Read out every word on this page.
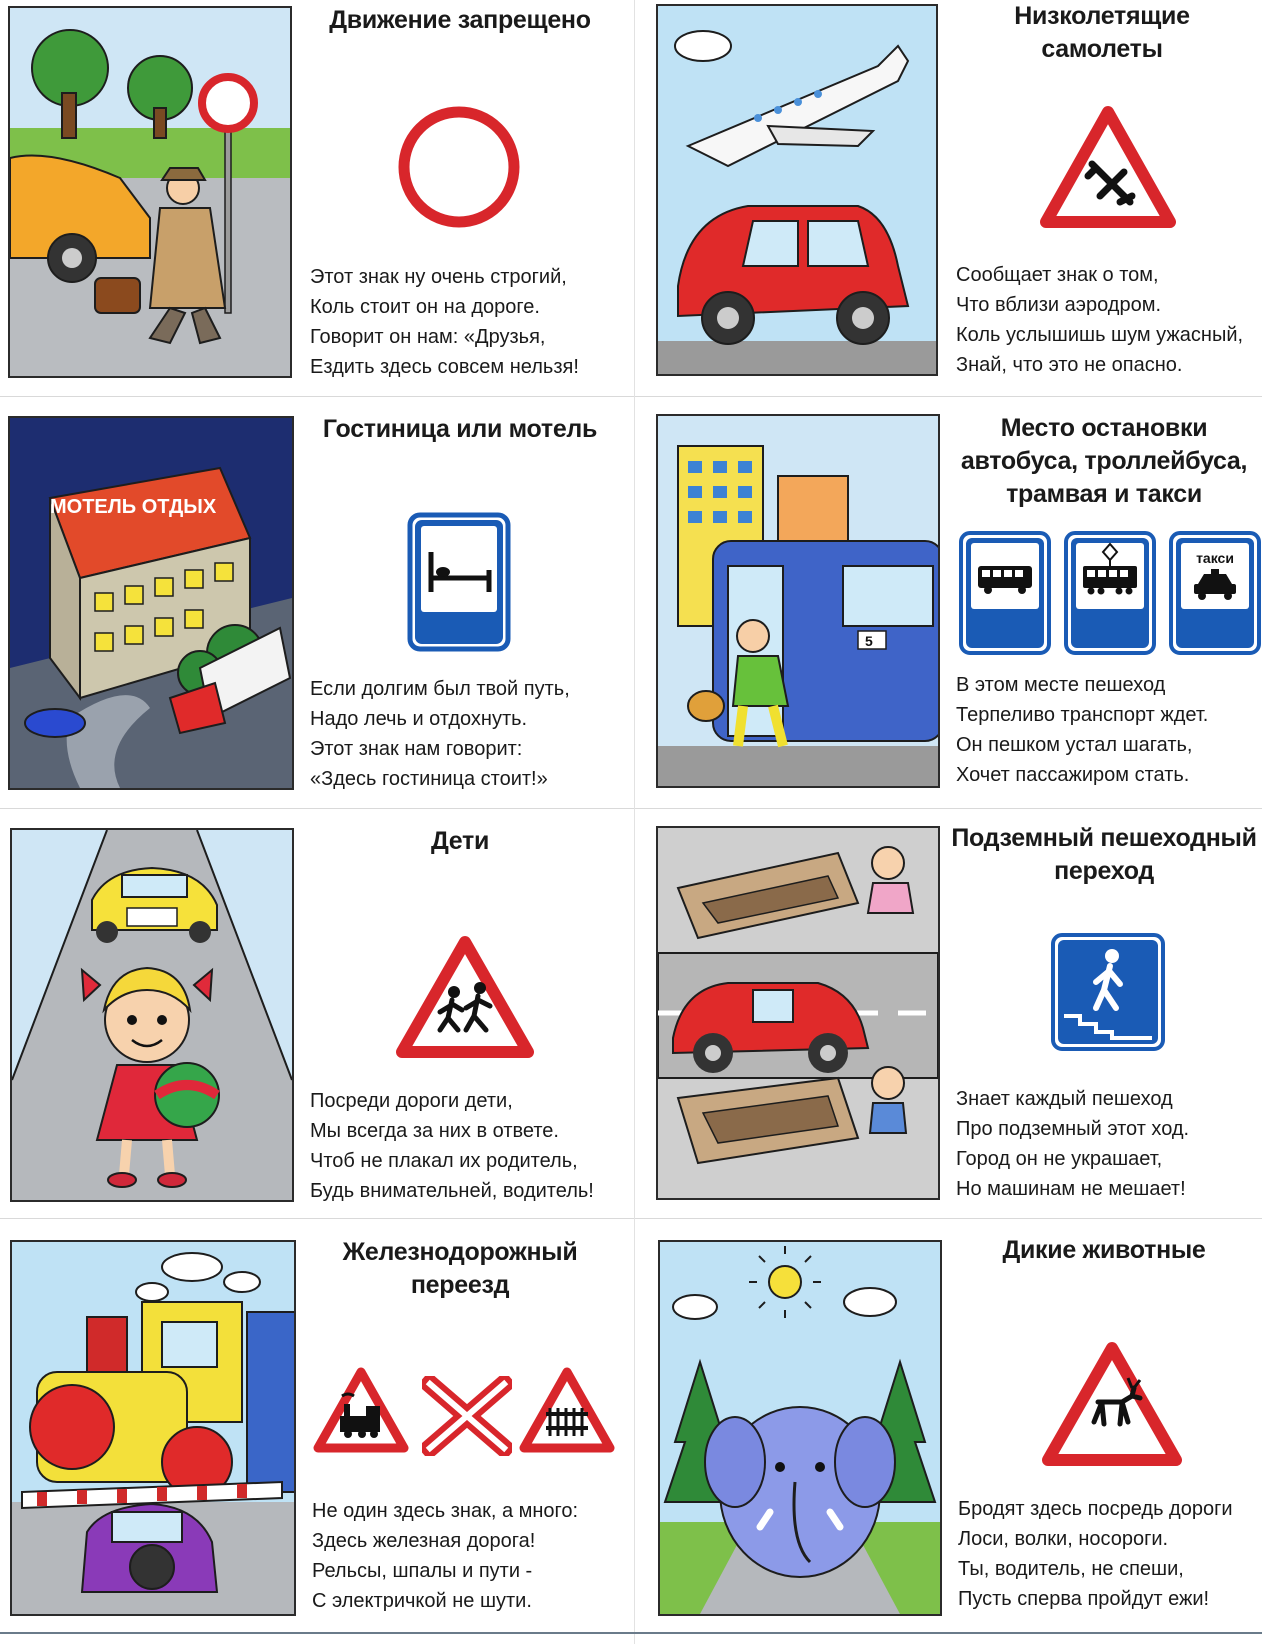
Движение запрещено
Этот знак ну очень строгий,
Коль стоит он на дороге.
Говорит он нам: «Друзья,
Ездить здесь совсем нельзя!
Низколетящие
самолеты
Сообщает знак о том,
Что вблизи аэродром.
Коль услышишь шум ужасный,
Знай, что это не опасно.
МОТЕЛЬ ОТДЫХ
Гостиница или мотель
Если долгим был твой путь,
Надо лечь и отдохнуть.
Этот знак нам говорит:
«Здесь гостиница стоит!»
5
Место остановки
автобуса, троллейбуса,
трамвая и такси
такси
В этом месте пешеход
Терпеливо транспорт ждет.
Он пешком устал шагать,
Хочет пассажиром стать.
Дети
Посреди дороги дети,
Мы всегда за них в ответе.
Чтоб не плакал их родитель,
Будь внимательней, водитель!
Подземный пешеходный
переход
Знает каждый пешеход
Про подземный этот ход.
Город он не украшает,
Но машинам не мешает!
Железнодорожный
переезд
Не один здесь знак, а много:
Здесь железная дорога!
Рельсы, шпалы и пути -
С электричкой не шути.
Дикие животные
Бродят здесь посредь дороги
Лоси, волки, носороги.
Ты, водитель, не спеши,
Пусть сперва пройдут ежи!
